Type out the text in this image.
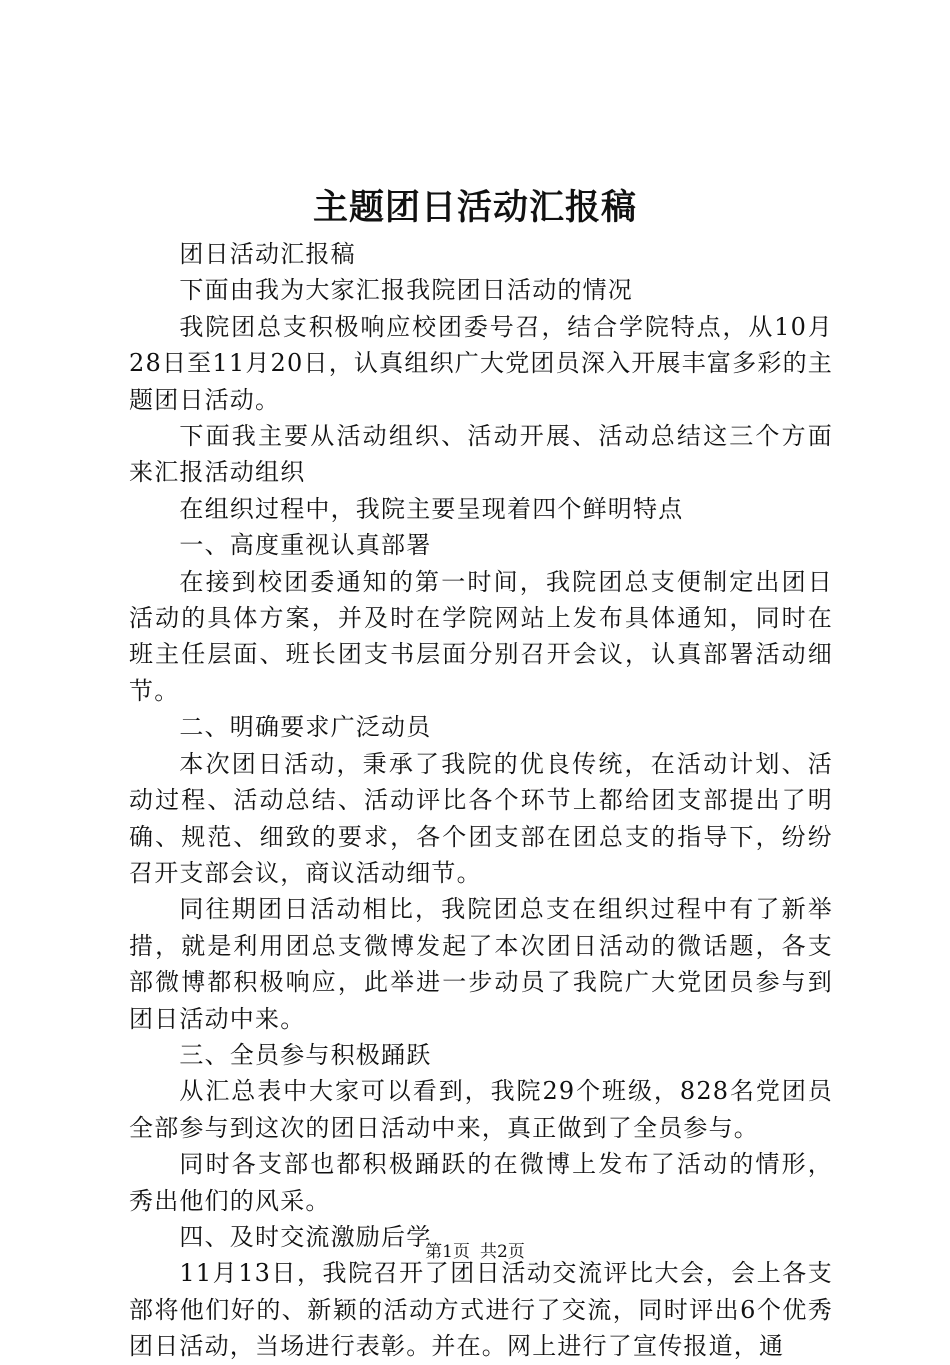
主题团日活动汇报稿

团日活动汇报稿

下面由我为大家汇报我院团日活动的情况

我院团总支积极响应校团委号召，结合学院特点，从10月28日至11月20日，认真组织广大党团员深入开展丰富多彩的主题团日活动。

下面我主要从活动组织、活动开展、活动总结这三个方面来汇报活动组织

在组织过程中，我院主要呈现着四个鲜明特点

一、高度重视认真部署

在接到校团委通知的第一时间，我院团总支便制定出团日活动的具体方案，并及时在学院网站上发布具体通知，同时在班主任层面、班长团支书层面分别召开会议，认真部署活动细节。

二、明确要求广泛动员

本次团日活动，秉承了我院的优良传统，在活动计划、活动过程、活动总结、活动评比各个环节上都给团支部提出了明确、规范、细致的要求，各个团支部在团总支的指导下，纷纷召开支部会议，商议活动细节。

同往期团日活动相比，我院团总支在组织过程中有了新举措，就是利用团总支微博发起了本次团日活动的微话题，各支部微博都积极响应，此举进一步动员了我院广大党团员参与到团日活动中来。

三、全员参与积极踊跃

从汇总表中大家可以看到，我院29个班级，828名党团员全部参与到这次的团日活动中来，真正做到了全员参与。

同时各支部也都积极踊跃的在微博上发布了活动的情形，秀出他们的风采。

四、及时交流激励后学

11月13日，我院召开了团日活动交流评比大会，会上各支部将他们好的、新颖的活动方式进行了交流，同时评出6个优秀团日活动，当场进行表彰。并在。网上进行了宣传报道，通

第1页 共2页
